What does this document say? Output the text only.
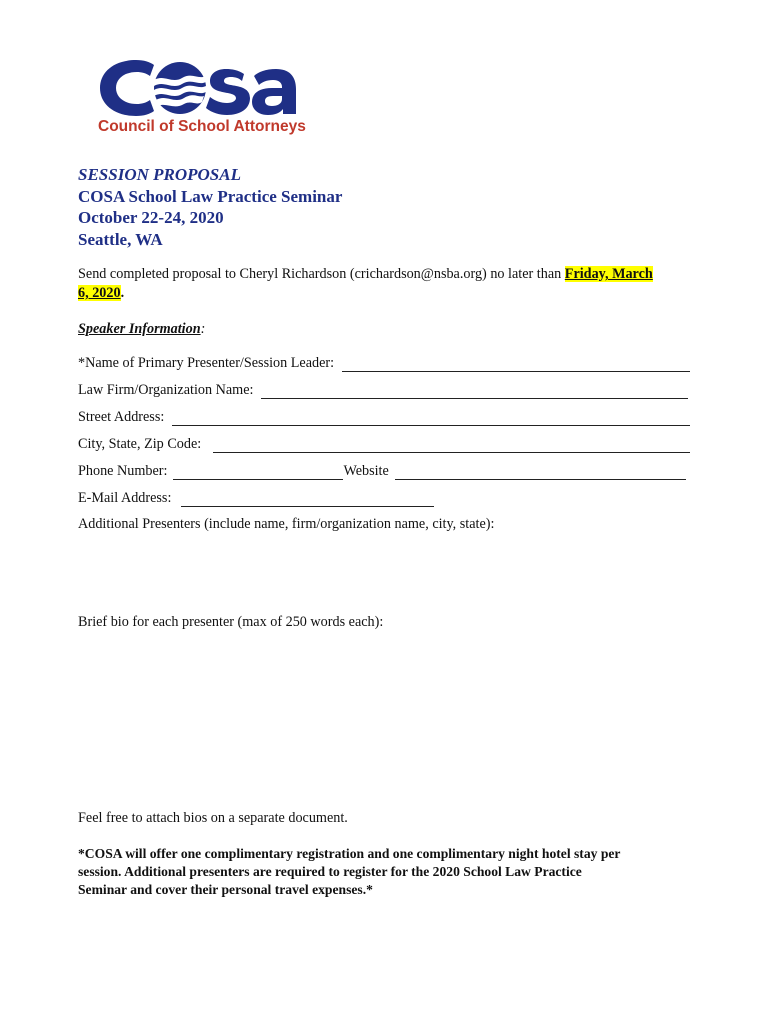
Council of School Attorneys
SESSION PROPOSAL
COSA School Law Practice Seminar
October 22-24, 2020
Seattle, WA
Send completed proposal to Cheryl Richardson (crichardson@nsba.org) no later than Friday, March
6, 2020.
Speaker Information:
*Name of Primary Presenter/Session Leader:
Law Firm/Organization Name:
Street Address:
City, State, Zip Code:
Phone Number:	Website
E-Mail Address:
Additional Presenters (include name, firm/organization name, city, state):
Brief bio for each presenter (max of 250 words each):
Feel free to attach bios on a separate document.
*COSA will offer one complimentary registration and one complimentary night hotel stay per
session. Additional presenters are required to register for the 2020 School Law Practice
Seminar and cover their personal travel expenses.*
